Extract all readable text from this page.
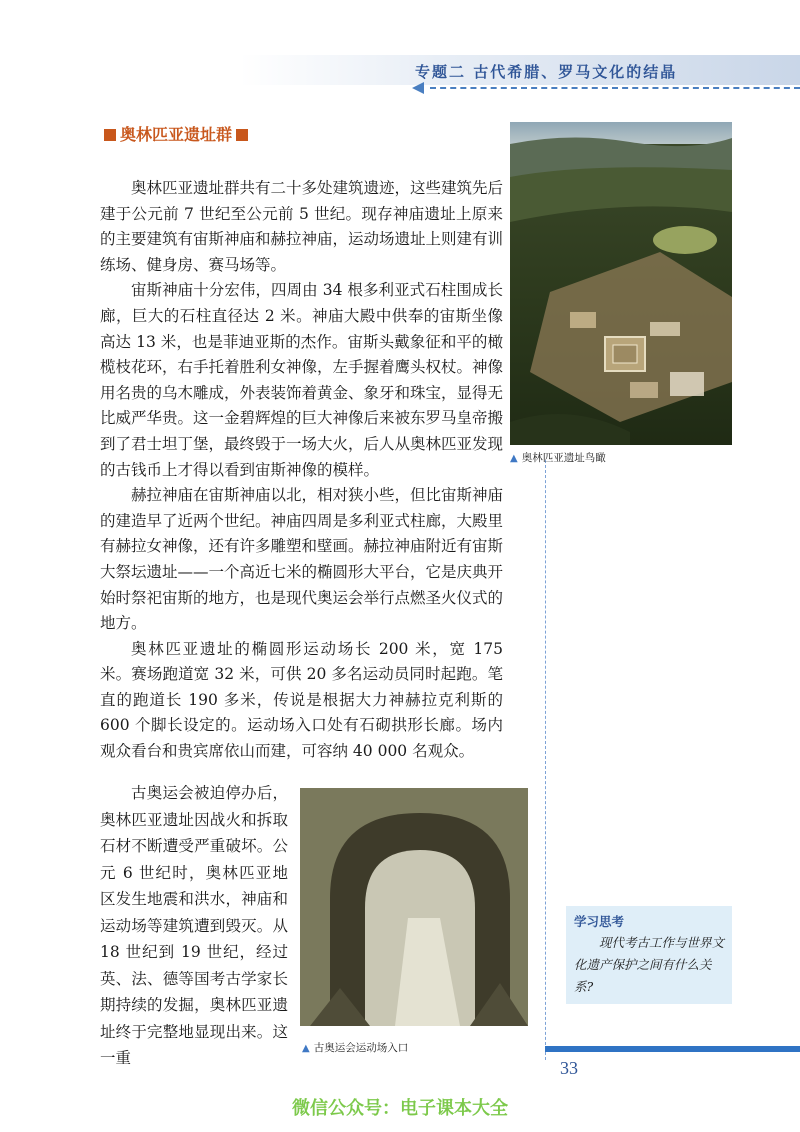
专题二 古代希腊、罗马文化的结晶
奥林匹亚遗址群

奥林匹亚遗址群共有二十多处建筑遗迹，这些建筑先后建于公元前 7 世纪至公元前 5 世纪。现存神庙遗址上原来的主要建筑有宙斯神庙和赫拉神庙，运动场遗址上则建有训练场、健身房、赛马场等。

宙斯神庙十分宏伟，四周由 34 根多利亚式石柱围成长廊，巨大的石柱直径达 2 米。神庙大殿中供奉的宙斯坐像高达 13 米，也是菲迪亚斯的杰作。宙斯头戴象征和平的橄榄枝花环，右手托着胜利女神像，左手握着鹰头权杖。神像用名贵的乌木雕成，外表装饰着黄金、象牙和珠宝，显得无比威严华贵。这一金碧辉煌的巨大神像后来被东罗马皇帝搬到了君士坦丁堡，最终毁于一场大火，后人从奥林匹亚发现的古钱币上才得以看到宙斯神像的模样。

赫拉神庙在宙斯神庙以北，相对狭小些，但比宙斯神庙的建造早了近两个世纪。神庙四周是多利亚式柱廊，大殿里有赫拉女神像，还有许多雕塑和壁画。赫拉神庙附近有宙斯大祭坛遗址——一个高近七米的椭圆形大平台，它是庆典开始时祭祀宙斯的地方，也是现代奥运会举行点燃圣火仪式的地方。

奥林匹亚遗址的椭圆形运动场长 200 米，宽 175 米。赛场跑道宽 32 米，可供 20 多名运动员同时起跑。笔直的跑道长 190 多米，传说是根据大力神赫拉克利斯的 600 个脚长设定的。运动场入口处有石砌拱形长廊。场内观众看台和贵宾席依山而建，可容纳 40 000 名观众。

▲ 奥林匹亚遗址鸟瞰

古奥运会被迫停办后，奥林匹亚遗址因战火和拆取石材不断遭受严重破坏。公元 6 世纪时，奥林匹亚地区发生地震和洪水，神庙和运动场等建筑遭到毁灭。从 18 世纪到 19 世纪，经过英、法、德等国考古学家长期持续的发掘，奥林匹亚遗址终于完整地显现出来。这一重

▲ 古奥运会运动场入口
学习思考
现代考古工作与世界文化遗产保护之间有什么关系?
33
微信公众号：电子课本大全
